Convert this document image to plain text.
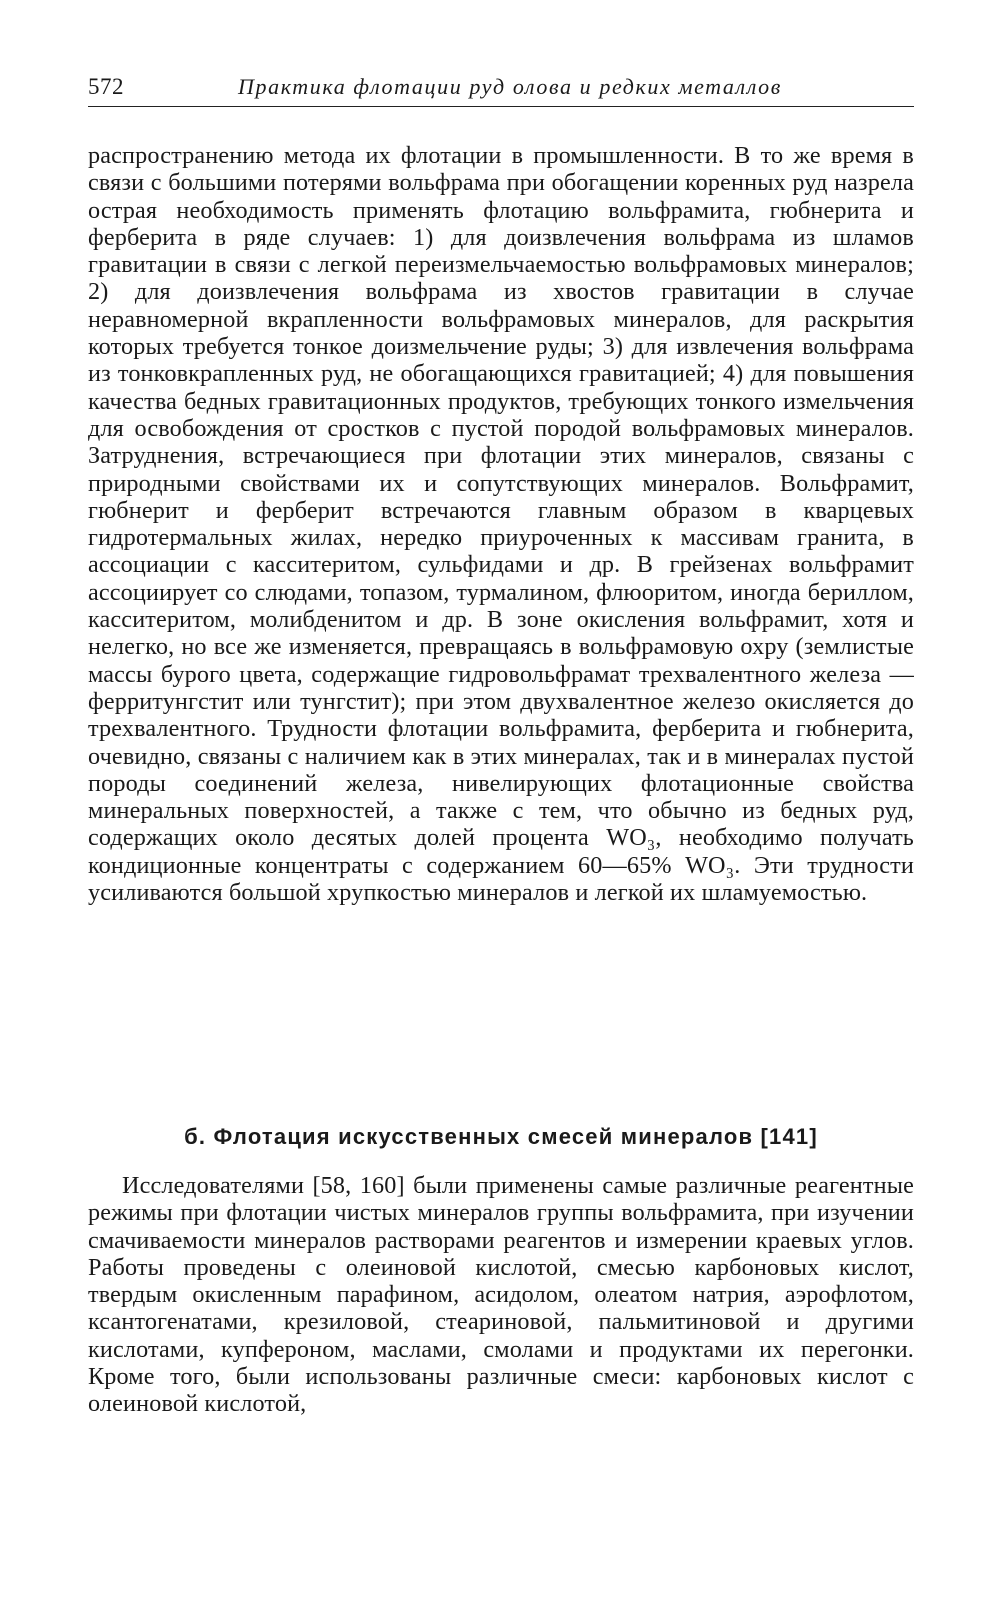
572	Практика флотации руд олова и редких металлов

распространению метода их флотации в промышленности. В то же время в связи с большими потерями вольфрама при обогащении коренных руд назрела острая необходимость применять флотацию вольфрамита, гюбнерита и ферберита в ряде случаев: 1) для доизвлечения вольфрама из шламов гравитации в связи с легкой переизмельчаемостью вольфрамовых минералов; 2) для доизвлечения вольфрама из хвостов гравитации в случае неравномерной вкрапленности вольфрамовых минералов, для раскрытия которых требуется тонкое доизмельчение руды; 3) для извлечения вольфрама из тонковкрапленных руд, не обогащающихся гравитацией; 4) для повышения качества бедных гравитационных продуктов, требующих тонкого измельчения для освобождения от сростков с пустой породой вольфрамовых минералов. Затруднения, встречающиеся при флотации этих минералов, связаны с природными свойствами их и сопутствующих минералов. Вольфрамит, гюбнерит и ферберит встречаются главным образом в кварцевых гидротермальных жилах, нередко приуроченных к массивам гранита, в ассоциации с касситеритом, сульфидами и др. В грейзенах вольфрамит ассоциирует со слюдами, топазом, турмалином, флюоритом, иногда бериллом, касситеритом, молибденитом и др. В зоне окисления вольфрамит, хотя и нелегко, но все же изменяется, превращаясь в вольфрамовую охру (землистые массы бурого цвета, содержащие гидровольфрамат трехвалентного железа — ферритунгстит или тунгстит); при этом двухвалентное железо окисляется до трехвалентного. Трудности флотации вольфрамита, ферберита и гюбнерита, очевидно, связаны с наличием как в этих минералах, так и в минералах пустой породы соединений железа, нивелирующих флотационные свойства минеральных поверхностей, а также с тем, что обычно из бедных руд, содержащих около десятых долей процента WO₃, необходимо получать кондиционные концентраты с содержанием 60—65% WO₃. Эти трудности усиливаются большой хрупкостью минералов и легкой их шламуемостью.

б. Флотация искусственных смесей минералов [141]

Исследователями [58, 160] были применены самые различные реагентные режимы при флотации чистых минералов группы вольфрамита, при изучении смачиваемости минералов растворами реагентов и измерении краевых углов. Работы проведены с олеиновой кислотой, смесью карбоновых кислот, твердым окисленным парафином, асидолом, олеатом натрия, аэрофлотом, ксантогенатами, крезиловой, стеариновой, пальмитиновой и другими кислотами, купфероном, маслами, смолами и продуктами их перегонки. Кроме того, были использованы различные смеси: карбоновых кислот с олеиновой кислотой,
